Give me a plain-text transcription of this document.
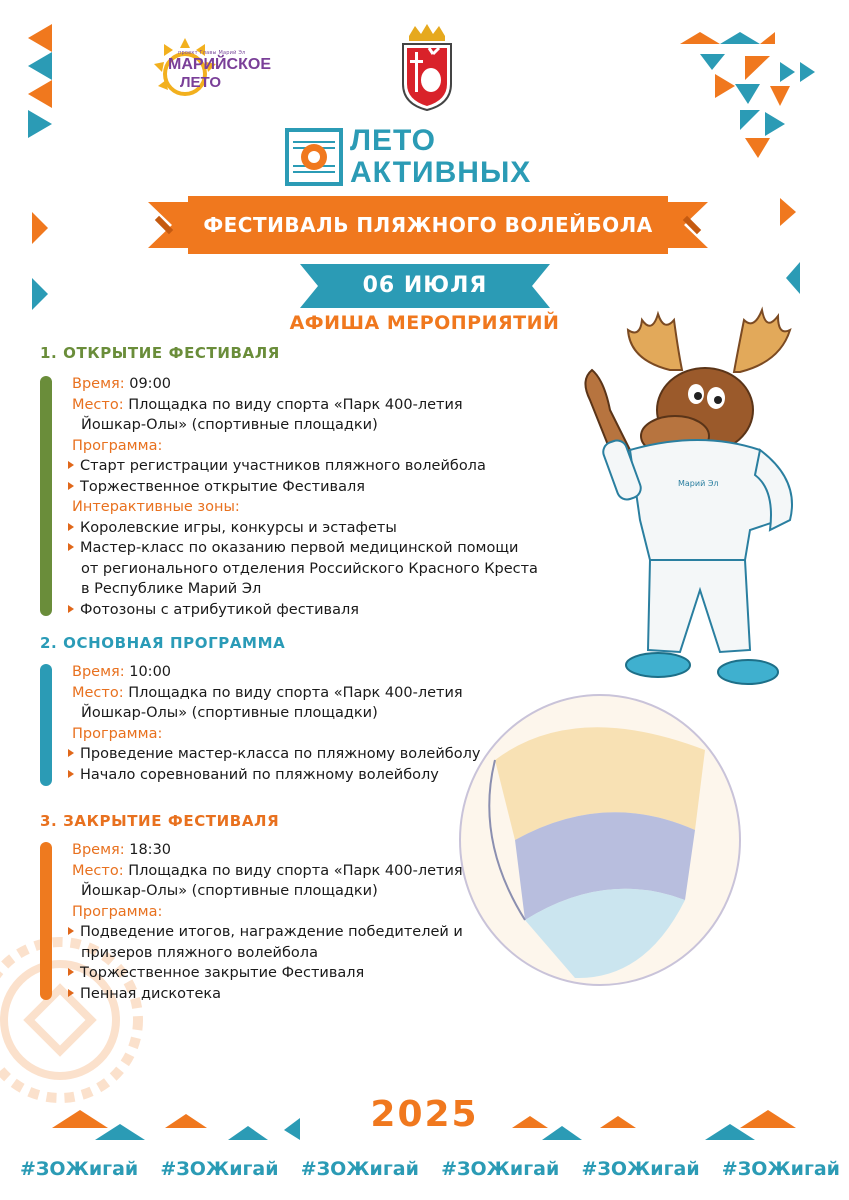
проект Главы Марий Эл
МАРИЙСКОЕ
ЛЕТО
ЛЕТО
АКТИВНЫХ
ФЕСТИВАЛЬ ПЛЯЖНОГО ВОЛЕЙБОЛА
06 ИЮЛЯ
АФИША МЕРОПРИЯТИЙ
Марий Эл
1. ОТКРЫТИЕ ФЕСТИВАЛЯ
Время: 09:00
Место: Площадка по виду спорта «Парк 400-летия
Йошкар-Олы» (спортивные площадки)
Программа:
Старт регистрации участников пляжного волейбола
Торжественное открытие Фестиваля
Интерактивные зоны:
Королевские игры, конкурсы и эстафеты
Мастер-класс по оказанию первой медицинской помощи
от регионального отделения Российского Красного Креста
в Республике Марий Эл
Фотозоны с атрибутикой фестиваля
2. ОСНОВНАЯ ПРОГРАММА
Время: 10:00
Место: Площадка по виду спорта «Парк 400-летия
Йошкар-Олы» (спортивные площадки)
Программа:
Проведение мастер-класса по пляжному волейболу
Начало соревнований по пляжному волейболу
3. ЗАКРЫТИЕ ФЕСТИВАЛЯ
Время: 18:30
Место: Площадка по виду спорта «Парк 400-летия
Йошкар-Олы» (спортивные площадки)
Программа:
Подведение итогов, награждение победителей и
призеров пляжного волейбола
Торжественное закрытие Фестиваля
Пенная дискотека
2025
#ЗОЖигай #ЗОЖигай #ЗОЖигай #ЗОЖигай #ЗОЖигай #ЗОЖигай
